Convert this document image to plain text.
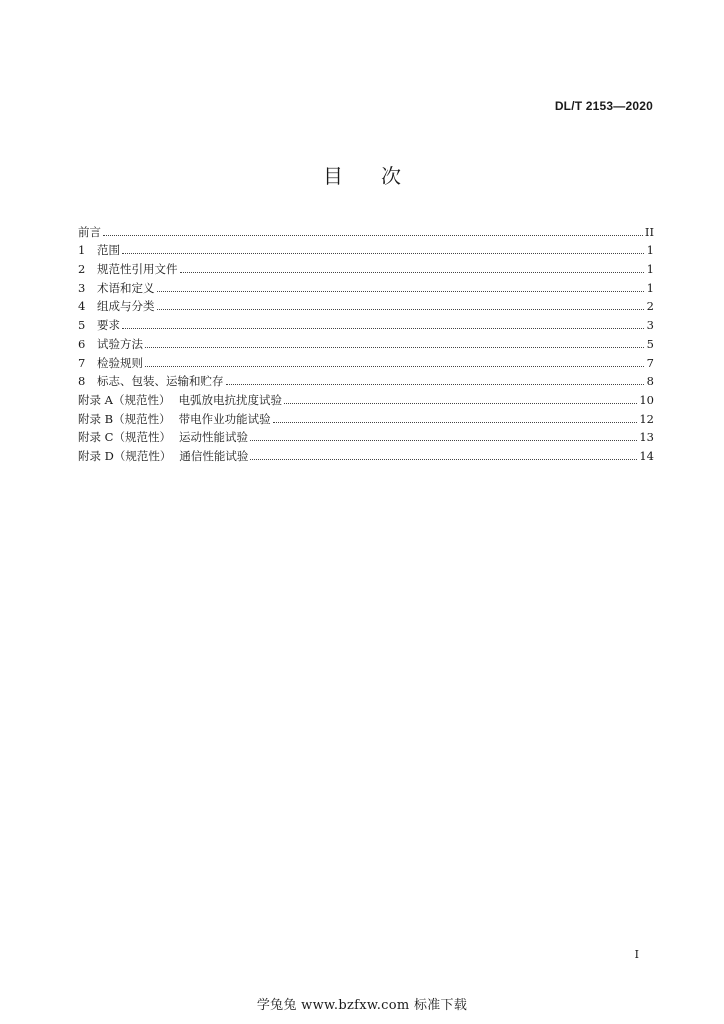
DL/T 2153—2020
目 次
前言	II
1	范围	1
2	规范性引用文件	1
3	术语和定义	1
4	组成与分类	2
5	要求	3
6	试验方法	5
7	检验规则	7
8	标志、包装、运输和贮存	8
附录 A（规范性） 电弧放电抗扰度试验	10
附录 B（规范性） 带电作业功能试验	12
附录 C（规范性） 运动性能试验	13
附录 D（规范性） 通信性能试验	14
I
学兔兔 www.bzfxw.com 标准下载
